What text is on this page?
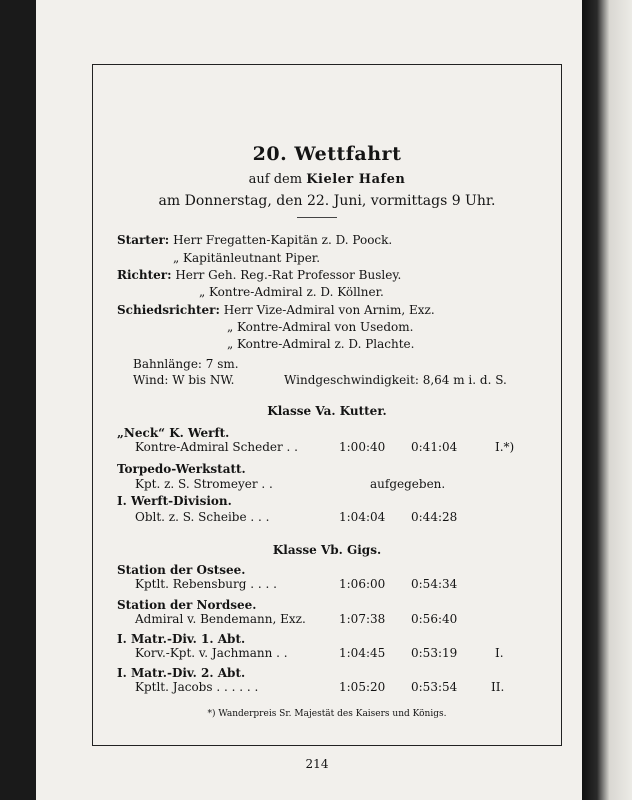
20. Wettfahrt
auf dem Kieler Hafen
am Donnerstag, den 22. Juni, vormittags 9 Uhr.
Starter: Herr Fregatten-Kapitän z. D. Poock.
„ Kapitänleutnant Piper.
Richter: Herr Geh. Reg.-Rat Professor Busley.
„ Kontre-Admiral z. D. Köllner.
Schiedsrichter: Herr Vize-Admiral von Arnim, Exz.
„ Kontre-Admiral von Usedom.
„ Kontre-Admiral z. D. Plachte.
Bahnlänge: 7 sm.
Wind: W bis NW.	Windgeschwindigkeit: 8,64 m i. d. S.
Klasse Va. Kutter.
„Neck“ K. Werft.
Kontre-Admiral Scheder . .	1:00:40 0:41:04	I.*)
Torpedo-Werkstatt.
Kpt. z. S. Stromeyer . .	aufgegeben.
I. Werft-Division.
Oblt. z. S. Scheibe . . .	1:04:04 0:44:28
Klasse Vb. Gigs.
Station der Ostsee.
Kptlt. Rebensburg . . . .	1:06:00 0:54:34
Station der Nordsee.
Admiral v. Bendemann, Exz.	1:07:38 0:56:40
I. Matr.-Div. 1. Abt.
Korv.-Kpt. v. Jachmann . .	1:04:45 0:53:19	I.
I. Matr.-Div. 2. Abt.
Kptlt. Jacobs . . . . . .	1:05:20 0:53:54	II.
*) Wanderpreis Sr. Majestät des Kaisers und Königs.
214
